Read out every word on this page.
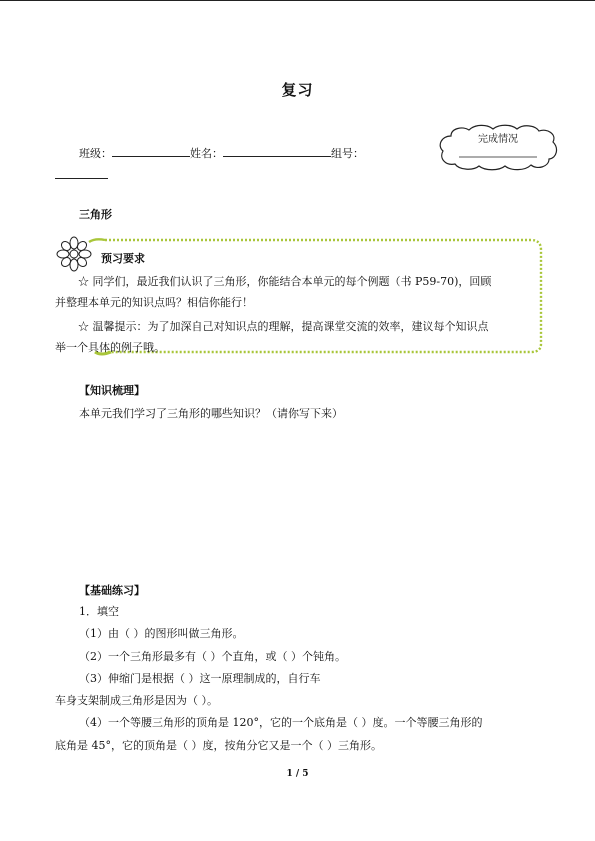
复习
班级：	姓名：	组号：
完成情况
三角形
预习要求
☆ 同学们，最近我们认识了三角形，你能结合本单元的每个例题（书 P59-70)，回顾
并整理本单元的知识点吗？相信你能行！
☆ 温馨提示：为了加深自己对知识点的理解，提高课堂交流的效率，建议每个知识点
举一个具体的例子哦。
【知识梳理】
本单元我们学习了三角形的哪些知识？（请你写下来）
【基础练习】
1．填空
（1）由（ ）的图形叫做三角形。
（2）一个三角形最多有（ ）个直角，或（ ）个钝角。
（3）伸缩门是根据（ ）这一原理制成的，自行车
车身支架制成三角形是因为（ ）。
（4）一个等腰三角形的顶角是 120°，它的一个底角是（ ）度。一个等腰三角形的
底角是 45°，它的顶角是（ ）度，按角分它又是一个（ ）三角形。
1 / 5
